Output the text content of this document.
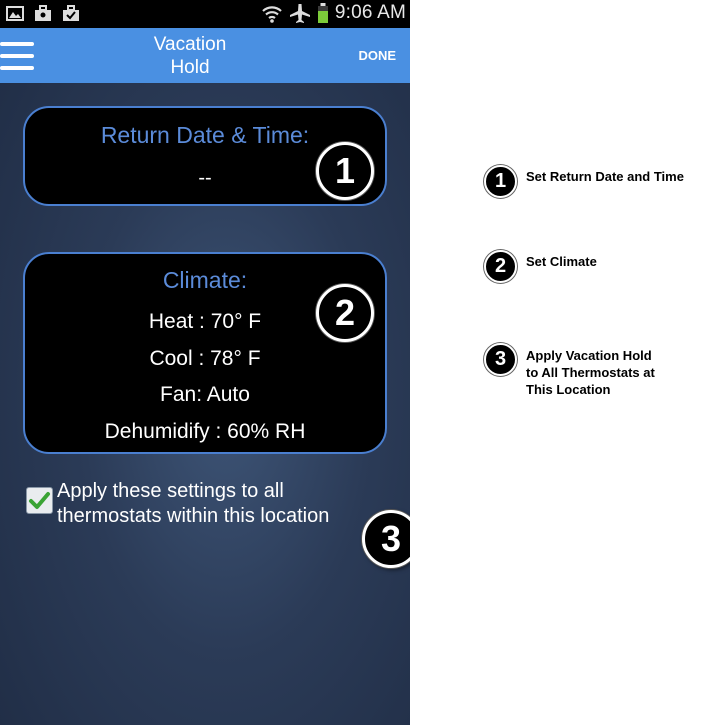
9:06 AM
Vacation
Hold
DONE
Return Date & Time:
--	1
Climate:
Heat : 70° F
Cool : 78° F
Fan: Auto
Dehumidify : 60% RH
2
Apply these settings to all
thermostats within this location
3
1	Set Return Date and Time
2	Set Climate
3	Apply Vacation Hold
to All Thermostats at
This Location
